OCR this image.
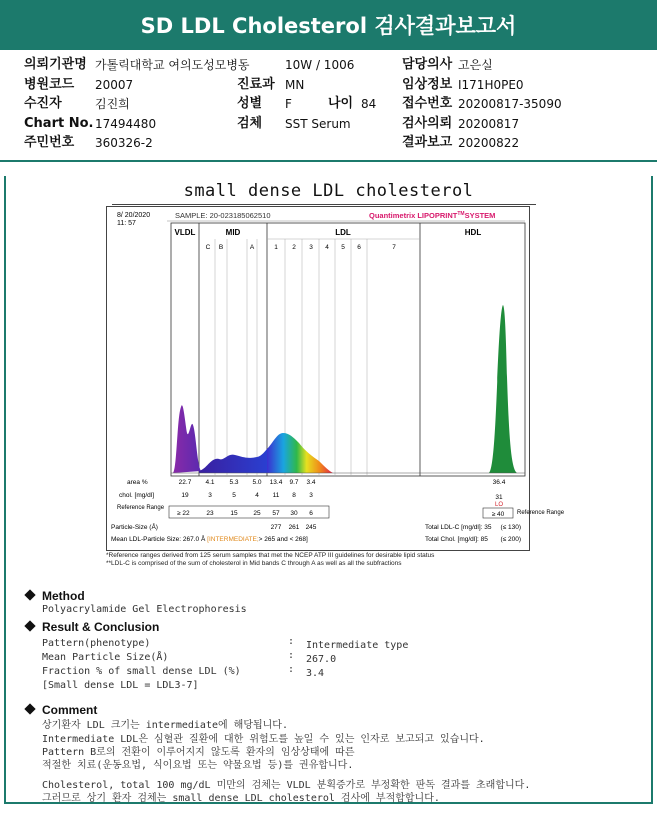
SD LDL Cholesterol 검사결과보고서
의뢰기관명 가톨릭대학교 여의도성모병동	10W / 1006	담당의사 고은실
병원코드 20007	진료과 MN	임상정보 I171H0PE0
수진자	김진희	성별 F	나이 84 접수번호 20200817-35090
Chart No. 17494480	검체 SST Serum	검사의뢰 20200817
주민번호 360326-2	결과보고 20200822
small dense LDL cholesterol
8/ 20/2020
11: 57
SAMPLE: 20-023185062510	Quantimetrix LIPOPRINT™SYSTEM
VLDL	MID	LDL	HDL
C B	A	1 2 3 4 5 6	7
area %	22.7 4.1 5.3 5.0 13.4 9.7 3.4	36.4
chol. [mg/dl]	19	3	5	4 11 8 3	31
LO
Reference Range
≥ 22	23	15 25 57 30 6	≥ 40 Reference Range
Particle-Size (Å)	277 261 245	Total LDL-C [mg/dl]: 35 (≤ 130)
Mean LDL-Particle Size: 267.0 Å [INTERMEDIATE;> 265 and < 268]	Total Chol. [mg/dl]: 85 (≤ 200)
*Reference ranges derived from 125 serum samples that met the NCEP ATP III guidelines for desirable lipid status
**LDL-C is comprised of the sum of cholesterol in Mid bands C through A as well as all the subfractions
Method
Polyacrylamide Gel Electrophoresis
Result & Conclusion
Pattern(phenotype)	: Intermediate type
Mean Particle Size(Å)	: 267.0
Fraction % of small dense LDL (%)	: 3.4
[Small dense LDL = LDL3-7]
Comment
상기환자 LDL 크기는 intermediate에 해당됩니다.
Intermediate LDL은 심혈관 질환에 대한 위험도를 높일 수 있는 인자로 보고되고 있습니다.
Pattern B로의 전환이 이루어지지 않도록 환자의 임상상태에 따른
적절한 치료(운동요법, 식이요법 또는 약물요법 등)를 권유합니다.
Cholesterol, total 100 mg/dL 미만의 검체는 VLDL 분획증가로 부정확한 판독 결과를 초래합니다.
그러므로 상기 환자 검체는 small dense LDL cholesterol 검사에 부적합합니다.
